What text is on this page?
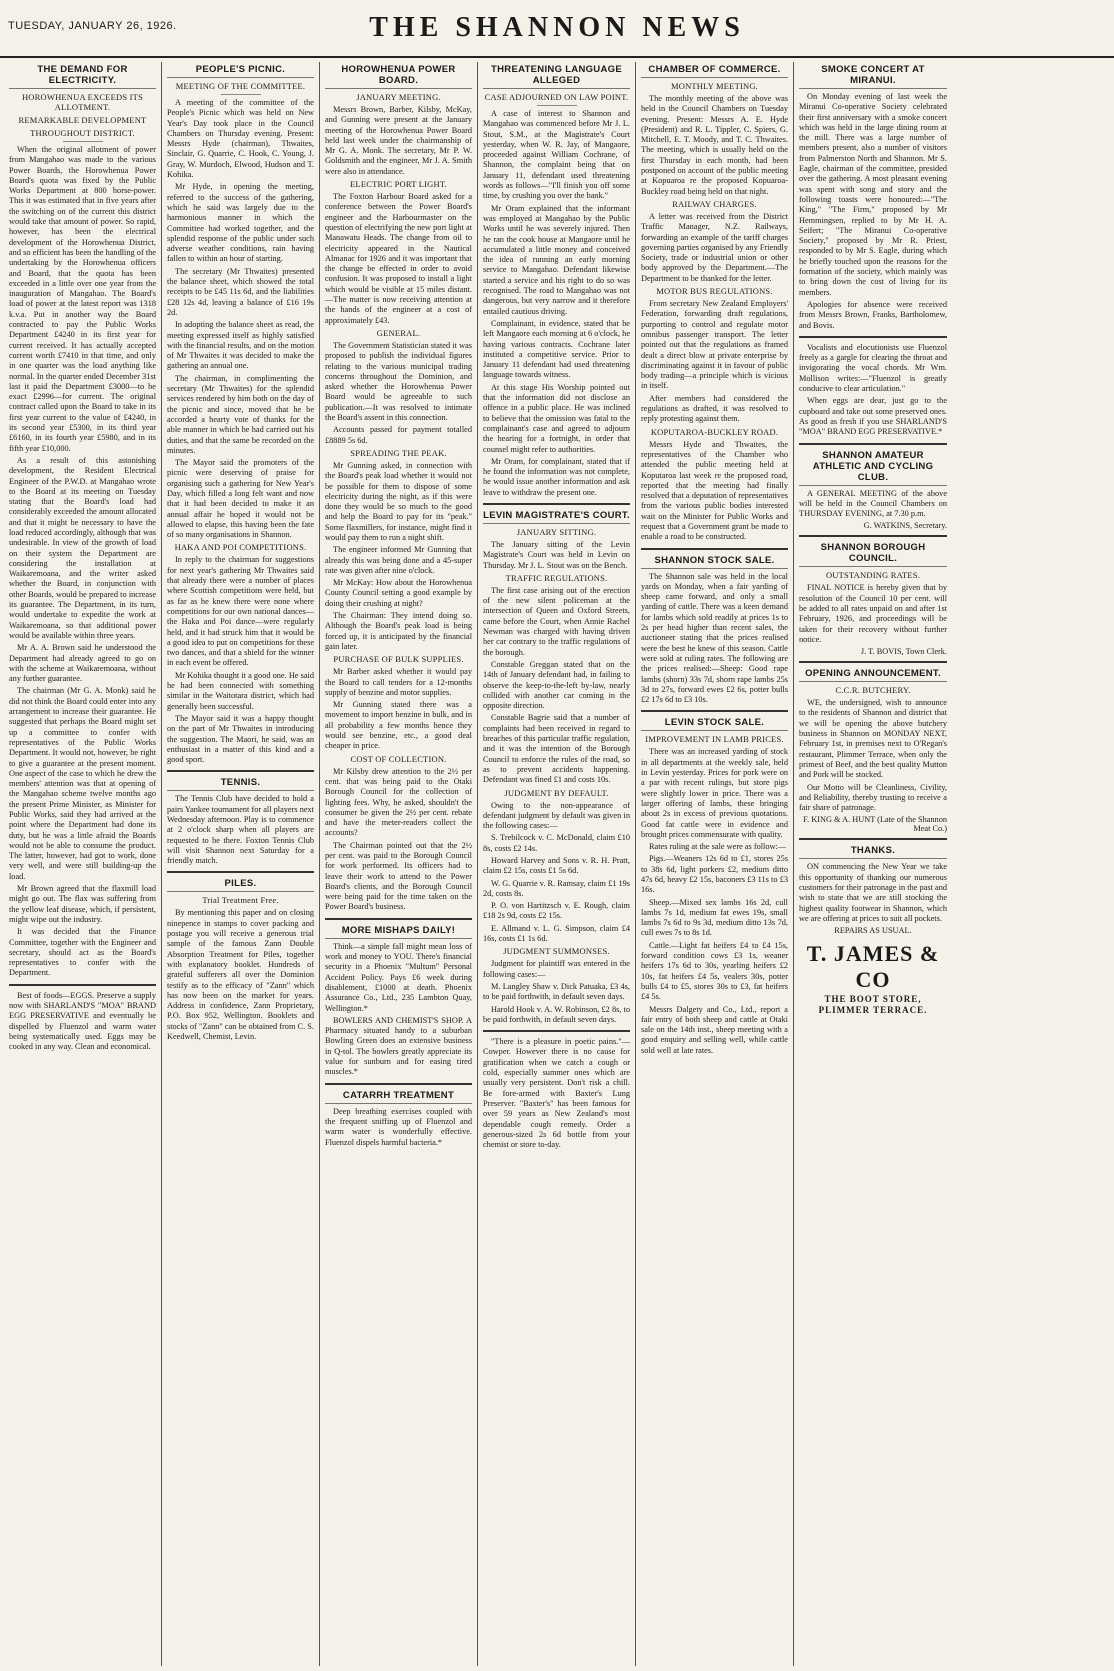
TUESDAY, JANUARY 26, 1926.	THE SHANNON NEWS
THE DEMAND FOR ELECTRICITY.
HOROWHENUA EXCEEDS ITS ALLOTMENT.
REMARKABLE DEVELOPMENT
THROUGHOUT DISTRICT.

When the original allotment of power from Mangahao was made to the various Power Boards, the Horowhenua Power Board's quota was fixed by the Public Works Department at 800 horse-power. This it was estimated that in five years after the switching on of the current this district would take that amount of power. So rapid, however, has been the electrical development of the Horowhenua District, and so efficient has been the handling of the undertaking by the Horowhenua officers and Board, that the quota has been exceeded in a little over one year from the inauguration of Mangahao. The Board's load of power at the latest report was 1318 k.v.a. Put in another way the Board contracted to pay the Public Works Department £4240 in its first year for current received. It has actually accepted current worth £7410 in that time, and only in one quarter was the load anything like normal. In the quarter ended December 31st last it paid the Department £3000—to be exact £2996—for current. The original contract called upon the Board to take in its first year current to the value of £4240, in its second year £5300, in its third year £6160, in its fourth year £5980, and in its fifth year £10,000.

As a result of this astonishing development, the Resident Electrical Engineer of the P.W.D. at Mangahao wrote to the Board at its meeting on Tuesday stating that the Board's load had considerably exceeded the amount allocated and that it might be necessary to have the load reduced accordingly, although that was undesirable. In view of the growth of load on their system the Department are considering the installation at Waikaremoana, and the writer asked whether the Board, in conjunction with other Boards, would be prepared to increase its guarantee. The Department, in its turn, would undertake to expedite the work at Waikaremoana, so that additional power would be available within three years.

Mr A. A. Brown said he understood the Department had already agreed to go on with the scheme at Waikaremoana, without any further guarantee.

The chairman (Mr G. A. Monk) said he did not think the Board could enter into any arrangement to increase their guarantee. He suggested that perhaps the Board might set up a committee to confer with representatives of the Public Works Department. It would not, however, be right to give a guarantee at the present moment. One aspect of the case to which he drew the members' attention was that at opening of the Mangahao scheme twelve months ago the present Prime Minister, as Minister for Public Works, said they had arrived at the point where the Department had done its duty, but he was a little afraid the Boards would not be able to consume the product. The latter, however, had got to work, done very well, and were still building-up the load.

Mr Brown agreed that the flaxmill load might go out. The flax was suffering from the yellow leaf disease, which, if persistent, might wipe out the industry.

It was decided that the Finance Committee, together with the Engineer and secretary, should act as the Board's representatives to confer with the Department.

Best of foods—EGGS. Preserve a supply now with SHARLAND'S "MOA" BRAND EGG PRESERVATIVE and eventually be dispelled by Fluenzol and warm water being systematically used. Eggs may be cooked in any way. Clean and economical.

PEOPLE'S PICNIC.
MEETING OF THE COMMITTEE.

A meeting of the committee of the People's Picnic which was held on New Year's Day took place in the Council Chambers on Thursday evening. Present: Messrs Hyde (chairman), Thwaites, Sinclair, G. Quarrie, C. Hook, C. Young, J. Gray, W. Murdoch, Elwood, Hudson and T. Kohika.

Mr Hyde, in opening the meeting, referred to the success of the gathering, which he said was largely due to the harmonious manner in which the Committee had worked together, and the splendid response of the public under such adverse weather conditions, rain having fallen to within an hour of starting.

The secretary (Mr Thwaites) presented the balance sheet, which showed the total receipts to be £45 11s 6d, and the liabilities £28 12s 4d, leaving a balance of £16 19s 2d.

In adopting the balance sheet as read, the meeting expressed itself as highly satisfied with the financial results, and on the motion of Mr Thwaites it was decided to make the gathering an annual one.

The chairman, in complimenting the secretary (Mr Thwaites) for the splendid services rendered by him both on the day of the picnic and since, moved that he be accorded a hearty vote of thanks for the able manner in which he had carried out his duties, and that the same be recorded on the minutes.

The Mayor said the promoters of the picnic were deserving of praise for organising such a gathering for New Year's Day, which filled a long felt want and now that it had been decided to make it an annual affair he hoped it would not be allowed to elapse, this having been the fate of so many organisations in Shannon.

HAKA AND POI COMPETITIONS.

In reply to the chairman for suggestions for next year's gathering Mr Thwaites said that already there were a number of places where Scottish competitions were held, but as far as he knew there were none where competitions for our own national dances—the Haka and Poi dance—were regularly held, and it had struck him that it would be a good idea to put on competitions for these two dances, and that a shield for the winner in each event be offered.

Mr Kohika thought it a good one. He said he had been connected with something similar in the Waitotara district, which had generally been successful.

The Mayor said it was a happy thought on the part of Mr Thwaites in introducing the suggestion. The Maori, he said, was an enthusiast in a matter of this kind and a good sport.

TENNIS.

The Tennis Club have decided to hold a pairs Yankee tournament for all players next Wednesday afternoon. Play is to commence at 2 o'clock sharp when all players are requested to be there. Foxton Tennis Club will visit Shannon next Saturday for a friendly match.

PILES.
Trial Treatment Free.

By mentioning this paper and on closing ninepence in stamps to cover packing and postage you will receive a generous trial sample of the famous Zann Double Absorption Treatment for Piles, together with explanatory booklet. Hundreds of grateful sufferers all over the Dominion testify as to the efficacy of "Zann" which has now been on the market for years. Address in confidence, Zann Proprietary, P.O. Box 952, Wellington. Booklets and stocks of "Zann" can be obtained from C. S. Keedwell, Chemist, Levin.

HOROWHENUA POWER BOARD.
JANUARY MEETING.

Messrs Brown, Barber, Kilsby, McKay, and Gunning were present at the January meeting of the Horowhenua Power Board held last week under the chairmanship of Mr G. A. Monk. The secretary, Mr P. W. Goldsmith and the engineer, Mr J. A. Smith were also in attendance.

ELECTRIC PORT LIGHT.

The Foxton Harbour Board asked for a conference between the Power Board's engineer and the Harbourmaster on the question of electrifying the new port light at Manawatu Heads. The change from oil to electricity appeared in the Nautical Almanac for 1926 and it was important that the change be effected in order to avoid confusion. It was proposed to install a light which would be visible at 15 miles distant.—The matter is now receiving attention at the hands of the engineer at a cost of approximately £43.

GENERAL.

The Government Statistician stated it was proposed to publish the individual figures relating to the various municipal trading concerns throughout the Dominion, and asked whether the Horowhenua Power Board would be agreeable to such publication.—It was resolved to intimate the Board's assent in this connection.

Accounts passed for payment totalled £8889 5s 6d.

SPREADING THE PEAK.

Mr Gunning asked, in connection with the Board's peak load whether it would not be possible for them to dispose of some electricity during the night, as if this were done they would be so much to the good and help the Board to pay for its "peak." Some flaxmillers, for instance, might find it would pay them to run a night shift.

The engineer informed Mr Gunning that already this was being done and a 45-super rate was given after nine o'clock.

Mr McKay: How about the Horowhenua County Council setting a good example by doing their crushing at night?

The Chairman: They intend doing so. Although the Board's peak load is being forced up, it is anticipated by the financial gain later.

PURCHASE OF BULK SUPPLIES.

Mr Barber asked whether it would pay the Board to call tenders for a 12-months supply of benzine and motor supplies.

Mr Gunning stated there was a movement to import benzine in bulk, and in all probability a few months hence they would see benzine, etc., a good deal cheaper in price.

COST OF COLLECTION.

Mr Kilsby drew attention to the 2½ per cent. that was being paid to the Otaki Borough Council for the collection of lighting fees. Why, he asked, shouldn't the consumer be given the 2½ per cent. rebate and have the meter-readers collect the accounts?

The Chairman pointed out that the 2½ per cent. was paid to the Borough Council for work performed. Its officers had to leave their work to attend to the Power Board's clients, and the Borough Council were being paid for the time taken on the Power Board's business.

MORE MISHAPS DAILY!

Think—a simple fall might mean loss of work and money to YOU. There's financial security in a Phoenix "Multum" Personal Accident Policy. Pays £6 week during disablement, £1000 at death. Phoenix Assurance Co., Ltd., 235 Lambton Quay, Wellington.*

BOWLERS AND CHEMIST'S SHOP. A Pharmacy situated handy to a suburban Bowling Green does an extensive business in Q-tol. The bowlers greatly appreciate its value for sunburn and for easing tired muscles.*

CATARRH TREATMENT

Deep breathing exercises coupled with the frequent sniffing up of Fluenzol and warm water is wonderfully effective. Fluenzol dispels harmful bacteria.*

THREATENING LANGUAGE ALLEGED
CASE ADJOURNED ON LAW POINT.

A case of interest to Shannon and Mangahao was commenced before Mr J. L. Stout, S.M., at the Magistrate's Court yesterday, when W. R. Jay, of Mangaore, proceeded against William Cochrane, of Shannon, the complaint being that on January 11, defendant used threatening words as follows—"I'll finish you off some time, by crushing you over the bank."

Mr Oram explained that the informant was employed at Mangahao by the Public Works until he was severely injured. Then he ran the cook house at Mangaore until he accumulated a little money and conceived the idea of running an early morning service to Mangahao. Defendant likewise started a service and his right to do so was recognised. The road to Mangahao was not dangerous, but very narrow and it therefore entailed cautious driving.

Complainant, in evidence, stated that he left Mangaore each morning at 6 o'clock, he having various contracts. Cochrane later instituted a competitive service. Prior to January 11 defendant had used threatening language towards witness.

At this stage His Worship pointed out that the information did not disclose an offence in a public place. He was inclined to believe that the omission was fatal to the complainant's case and agreed to adjourn the hearing for a fortnight, in order that counsel might refer to authorities.

Mr Oram, for complainant, stated that if he found the information was not complete, he would issue another information and ask leave to withdraw the present one.

LEVIN MAGISTRATE'S COURT.
JANUARY SITTING.

The January sitting of the Levin Magistrate's Court was held in Levin on Thursday. Mr J. L. Stout was on the Bench.

TRAFFIC REGULATIONS.

The first case arising out of the erection of the new silent policeman at the intersection of Queen and Oxford Streets, came before the Court, when Annie Rachel Newman was charged with having driven her car contrary to the traffic regulations of the borough.

Constable Greggan stated that on the 14th of January defendant had, in failing to observe the keep-to-the-left by-law, nearly collided with another car coming in the opposite direction.

Constable Bagrie said that a number of complaints had been received in regard to breaches of this particular traffic regulation, and it was the intention of the Borough Council to enforce the rules of the road, so as to prevent accidents happening. Defendant was fined £1 and costs 10s.

JUDGMENT BY DEFAULT.

Owing to the non-appearance of defendant judgment by default was given in the following cases:—

S. Trebilcock v. C. McDonald, claim £10 8s, costs £2 14s.

Howard Harvey and Sons v. R. H. Pratt, claim £2 15s, costs £1 5s 6d.

W. G. Quarrie v. R. Ramsay, claim £1 19s 2d, costs 8s.

P. O. von Hartitzsch v. E. Rough, claim £18 2s 9d, costs £2 15s.

E. Allmand v. L. G. Simpson, claim £4 16s, costs £1 1s 6d.

JUDGMENT SUMMONSES.

Judgment for plaintiff was entered in the following cases:—

M. Langley Shaw v. Dick Patuaka, £3 4s, to be paid forthwith, in default seven days.

Harold Hook v. A. W. Robinson, £2 8s, to be paid forthwith, in default seven days.

"There is a pleasure in poetic pains."—Cowper. However there is no cause for gratification when we catch a cough or cold, especially summer ones which are usually very persistent. Don't risk a chill. Be fore-armed with Baxter's Lung Preserver. "Baxter's" has been famous for over 59 years as New Zealand's most dependable cough remedy. Order a generous-sized 2s 6d bottle from your chemist or store to-day.

CHAMBER OF COMMERCE.
MONTHLY MEETING.

The monthly meeting of the above was held in the Council Chambers on Tuesday evening. Present: Messrs A. E. Hyde (President) and R. L. Tippler, C. Spiers, G. Mitchell, E. T. Moody, and T. C. Thwaites. The meeting, which is usually held on the first Thursday in each month, had been postponed on account of the public meeting at Kopuaroa re the proposed Kopuaroa-Buckley road being held on that night.

RAILWAY CHARGES.

A letter was received from the District Traffic Manager, N.Z. Railways, forwarding an example of the tariff charges governing parties organised by any Friendly Society, trade or industrial union or other body approved by the Department.—The Department to be thanked for the letter.

MOTOR BUS REGULATIONS.

From secretary New Zealand Employers' Federation, forwarding draft regulations, purporting to control and regulate motor omnibus passenger transport. The letter pointed out that the regulations as framed dealt a direct blow at private enterprise by discriminating against it in favour of public body trading—a principle which is vicious in itself.

After members had considered the regulations as drafted, it was resolved to reply protesting against them.

KOPUTAROA-BUCKLEY ROAD.

Messrs Hyde and Thwaites, the representatives of the Chamber who attended the public meeting held at Koputaroa last week re the proposed road, reported that the meeting had finally resolved that a deputation of representatives from the various public bodies interested wait on the Minister for Public Works and request that a Government grant be made to enable a road to be constructed.

SHANNON STOCK SALE.

The Shannon sale was held in the local yards on Monday, when a fair yarding of sheep came forward, and only a small yarding of cattle. There was a keen demand for lambs which sold readily at prices 1s to 2s per head higher than recent sales, the auctioneer stating that the prices realised were the best he knew of this season. Cattle were sold at ruling rates. The following are the prices realised:—Sheep: Good rape lambs (shorn) 33s 7d, shorn rape lambs 25s 3d to 27s, forward ewes £2 6s, potter bulls £2 17s 6d to £3 10s.

LEVIN STOCK SALE.
IMPROVEMENT IN LAMB PRICES.

There was an increased yarding of stock in all departments at the weekly sale, held in Levin yesterday. Prices for pork were on a par with recent rulings, but store pigs were slightly lower in price. There was a larger offering of lambs, these bringing about 2s in excess of previous quotations. Good fat cattle were in evidence and brought prices commensurate with quality.

Rates ruling at the sale were as follow:—

Pigs.—Weaners 12s 6d to £1, stores 25s to 38s 6d, light porkers £2, medium ditto 47s 6d, heavy £2 15s, baconers £3 11s to £3 16s.

Sheep.—Mixed sex lambs 16s 2d, cull lambs 7s 1d, medium fat ewes 19s, small lambs 7s 6d to 9s 3d, medium ditto 13s 7d, cull ewes 7s to 8s 1d.

Cattle.—Light fat heifers £4 to £4 15s, forward condition cows £3 1s, weaner heifers 17s 6d to 30s, yearling heifers £2 10s, fat heifers £4 5s, vealers 30s, potter bulls £4 to £5, stores 30s to £3, fat heifers £4 5s.

Messrs Dalgety and Co., Ltd., report a fair entry of both sheep and cattle at Otaki sale on the 14th inst., sheep meeting with a good enquiry and selling well, while cattle sold well at late rates.

SMOKE CONCERT AT MIRANUI.

On Monday evening of last week the Miranui Co-operative Society celebrated their first anniversary with a smoke concert which was held in the large dining room at the mill. There was a large number of members present, also a number of visitors from Palmerston North and Shannon. Mr S. Eagle, chairman of the committee, presided over the gathering. A most pleasant evening was spent with song and story and the following toasts were honoured:—"The King," "The Firm," proposed by Mr Hemmingsen, replied to by Mr H. A. Seifert; "The Miranui Co-operative Society," proposed by Mr R. Priest, responded to by Mr S. Eagle, during which he briefly touched upon the reasons for the formation of the society, which mainly was to bring down the cost of living for its members.

Apologies for absence were received from Messrs Brown, Franks, Bartholomew, and Bovis.

Vocalists and elocutionists use Fluenzol freely as a gargle for clearing the throat and invigorating the vocal chords. Mr Wm. Mollison writes:—"Fluenzol is greatly conducive to clear articulation."

When eggs are dear, just go to the cupboard and take out some preserved ones. As good as fresh if you use SHARLAND'S "MOA" BRAND EGG PRESERVATIVE.*

SHANNON AMATEUR ATHLETIC AND CYCLING CLUB.

A GENERAL MEETING of the above will be held in the Council Chambers on THURSDAY EVENING, at 7.30 p.m.

G. WATKINS, Secretary.
SHANNON BOROUGH COUNCIL.
OUTSTANDING RATES.

FINAL NOTICE is hereby given that by resolution of the Council 10 per cent. will be added to all rates unpaid on and after 1st February, 1926, and proceedings will be taken for their recovery without further notice.

J. T. BOVIS, Town Clerk.
OPENING ANNOUNCEMENT.
C.C.R. BUTCHERY.

WE, the undersigned, wish to announce to the residents of Shannon and district that we will be opening the above butchery business in Shannon on MONDAY NEXT, February 1st, in premises next to O'Regan's restaurant, Plimmer Terrace, when only the primest of Beef, and the best quality Mutton and Pork will be stocked.

Our Motto will be Cleanliness, Civility, and Reliability, thereby trusting to receive a fair share of patronage.

F. KING & A. HUNT (Late of the Shannon Meat Co.)
THANKS.

ON commencing the New Year we take this opportunity of thanking our numerous customers for their patronage in the past and wish to state that we are still stocking the highest quality footwear in Shannon, which we are offering at prices to suit all pockets.

REPAIRS AS USUAL.
T. JAMES & CO
THE BOOT STORE,
PLIMMER TERRACE.
